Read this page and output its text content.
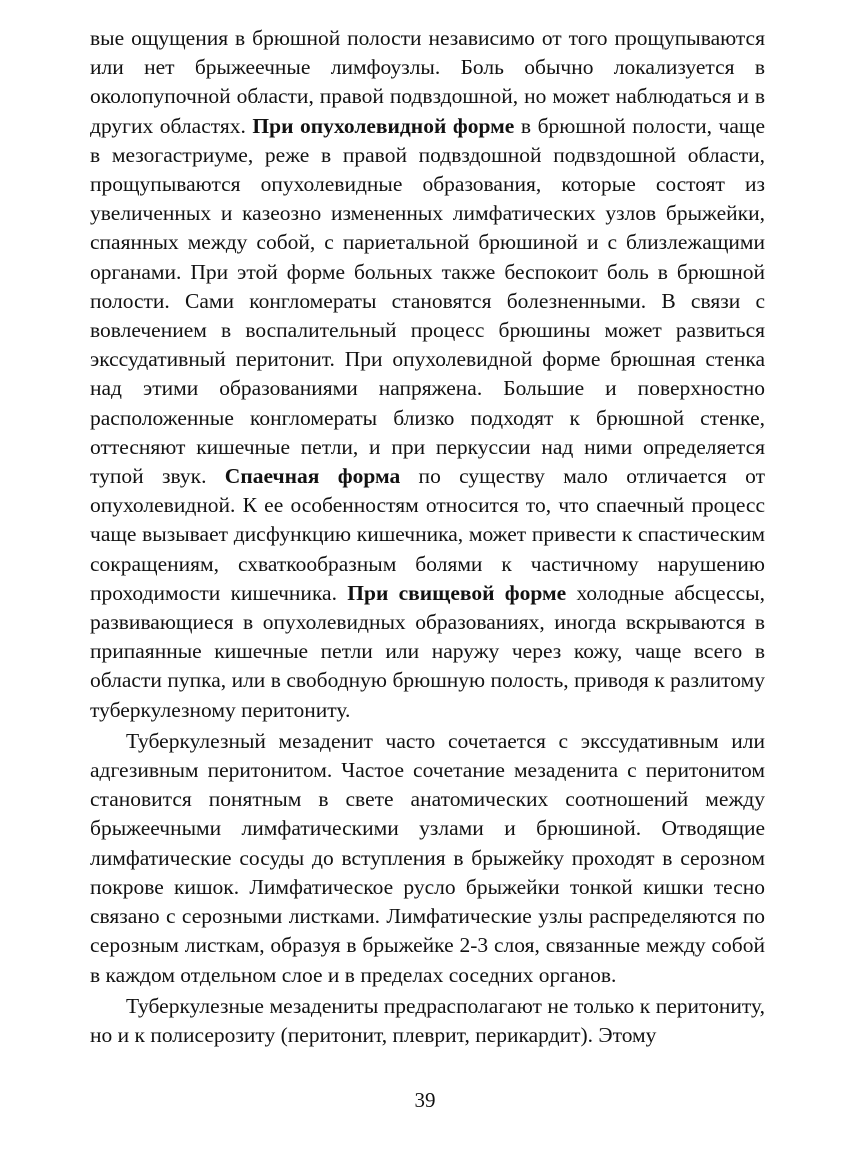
вые ощущения в брюшной полости независимо от того прощупываются или нет брыжеечные лимфоузлы. Боль обычно локализуется в околопупочной области, правой подвздошной, но может наблюдаться и в других областях. При опухолевидной форме в брюшной полости, чаще в мезогастриуме, реже в правой подвздошной подвздошной области, прощупываются опухолевидные образования, которые состоят из увеличенных и казеозно измененных лимфатических узлов брыжейки, спаянных между собой, с париетальной брюшиной и с близлежащими органами. При этой форме больных также беспокоит боль в брюшной полости. Сами конгломераты становятся болезненными. В связи с вовлечением в воспалительный процесс брюшины может развиться экссудативный перитонит. При опухолевидной форме брюшная стенка над этими образованиями напряжена. Большие и поверхностно расположенные конгломераты близко подходят к брюшной стенке, оттесняют кишечные петли, и при перкуссии над ними определяется тупой звук. Спаечная форма по существу мало отличается от опухолевидной. К ее особенностям относится то, что спаечный процесс чаще вызывает дисфункцию кишечника, может привести к спастическим сокращениям, схваткообразным болями к частичному нарушению проходимости кишечника. При свищевой форме холодные абсцессы, развивающиеся в опухолевидных образованиях, иногда вскрываются в припаянные кишечные петли или наружу через кожу, чаще всего в области пупка, или в свободную брюшную полость, приводя к разлитому туберкулезному перитониту.

Туберкулезный мезаденит часто сочетается с экссудативным или адгезивным перитонитом. Частое сочетание мезаденита с перитонитом становится понятным в свете анатомических соотношений между брыжеечными лимфатическими узлами и брюшиной. Отводящие лимфатические сосуды до вступления в брыжейку проходят в серозном покрове кишок. Лимфатическое русло брыжейки тонкой кишки тесно связано с серозными листками. Лимфатические узлы распределяются по серозным листкам, образуя в брыжейке 2-3 слоя, связанные между собой в каждом отдельном слое и в пределах соседних органов.

Туберкулезные мезадениты предрасполагают не только к перитониту, но и к полисерозиту (перитонит, плеврит, перикардит). Этому

39
